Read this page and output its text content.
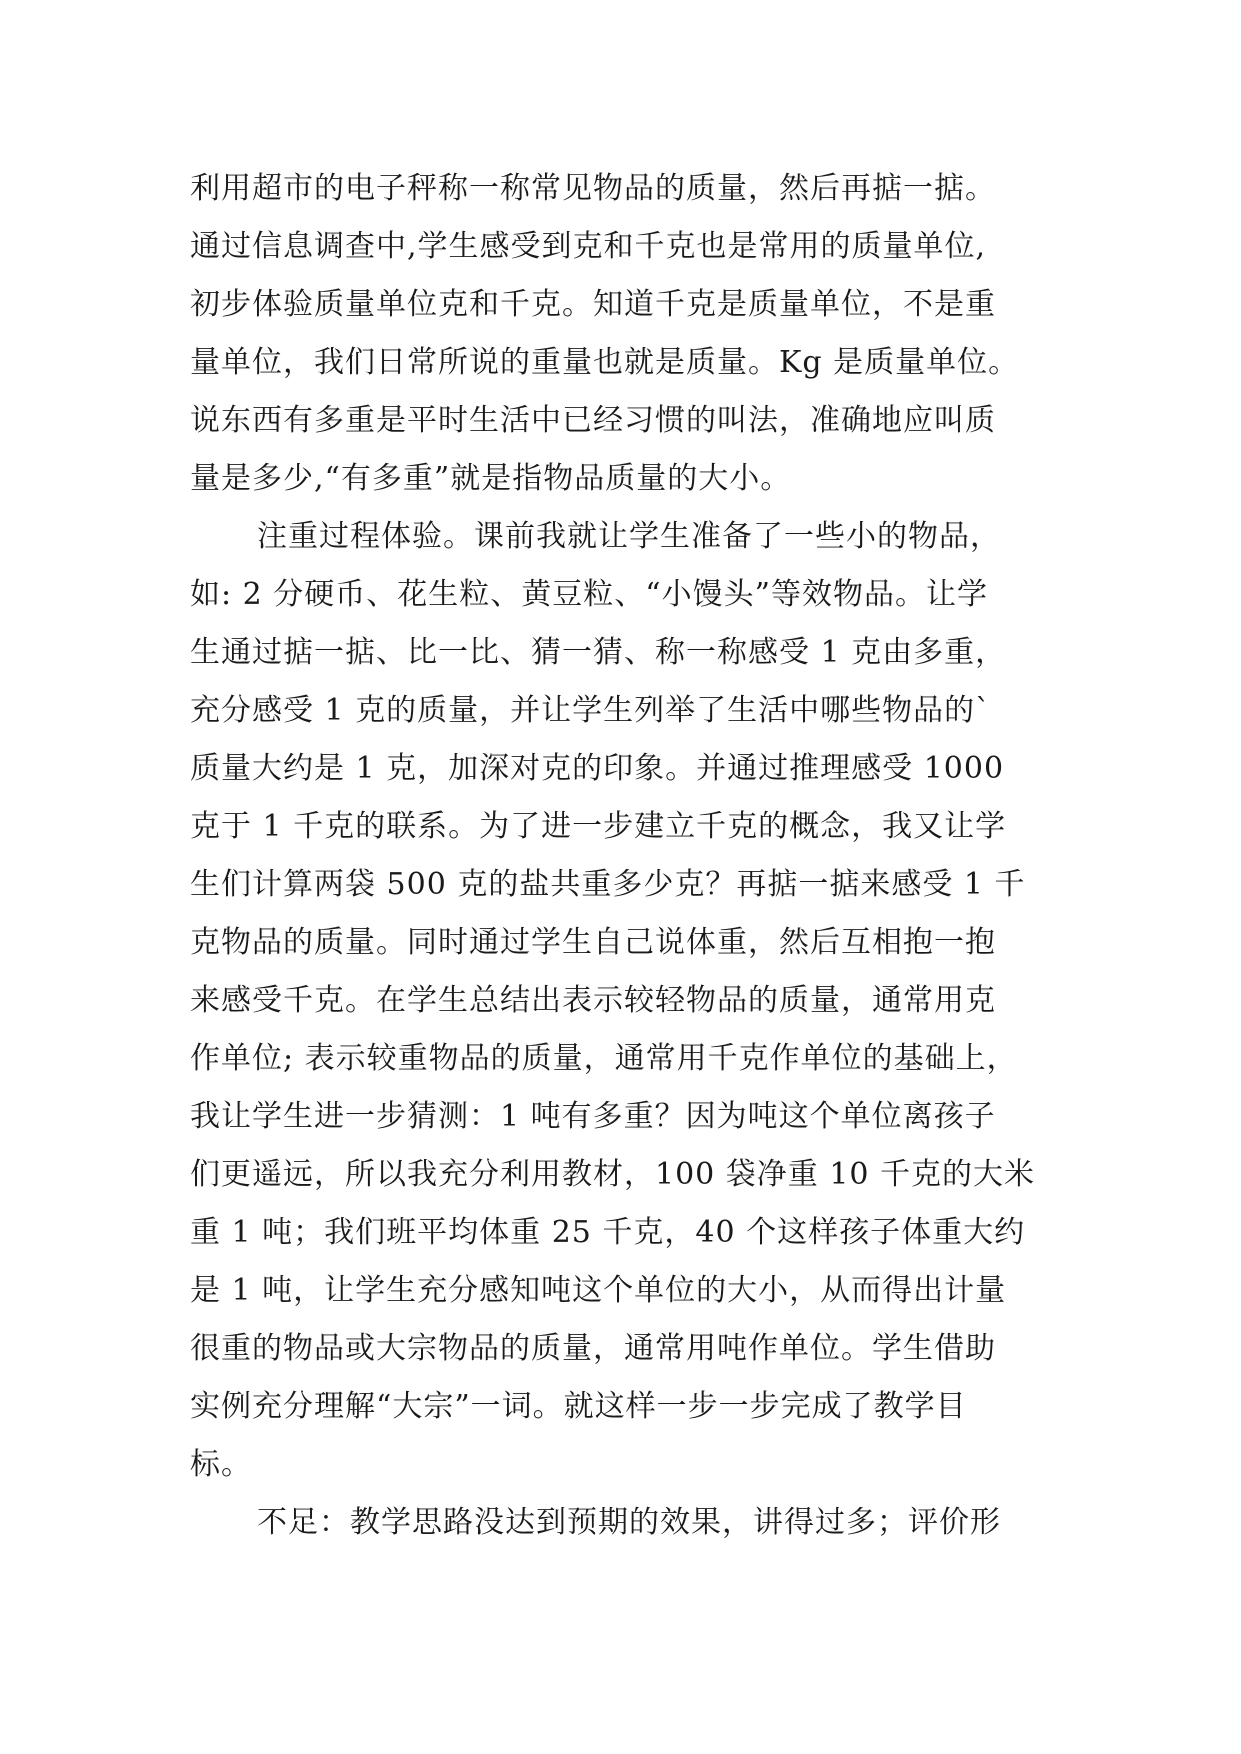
利用超市的电子秤称一称常见物品的质量，然后再掂一掂。
通过信息调查中,学生感受到克和千克也是常用的质量单位,
初步体验质量单位克和千克。知道千克是质量单位，不是重
量单位，我们日常所说的重量也就是质量。Kg 是质量单位。
说东西有多重是平时生活中已经习惯的叫法，准确地应叫质
量是多少,“有多重”就是指物品质量的大小。
注重过程体验。课前我就让学生准备了一些小的物品，
如: 2 分硬币、花生粒、黄豆粒、“小馒头”等效物品。让学
生通过掂一掂、比一比、猜一猜、称一称感受 1 克由多重，
充分感受 1 克的质量，并让学生列举了生活中哪些物品的`
质量大约是 1 克，加深对克的印象。并通过推理感受 1000
克于 1 千克的联系。为了进一步建立千克的概念，我又让学
生们计算两袋 500 克的盐共重多少克？再掂一掂来感受 1 千
克物品的质量。同时通过学生自己说体重，然后互相抱一抱
来感受千克。在学生总结出表示较轻物品的质量，通常用克
作单位; 表示较重物品的质量，通常用千克作单位的基础上，
我让学生进一步猜测：1 吨有多重？因为吨这个单位离孩子
们更遥远，所以我充分利用教材，100 袋净重 10 千克的大米
重 1 吨；我们班平均体重 25 千克，40 个这样孩子体重大约
是 1 吨，让学生充分感知吨这个单位的大小，从而得出计量
很重的物品或大宗物品的质量，通常用吨作单位。学生借助
实例充分理解“大宗”一词。就这样一步一步完成了教学目
标。
不足：教学思路没达到预期的效果，讲得过多；评价形
